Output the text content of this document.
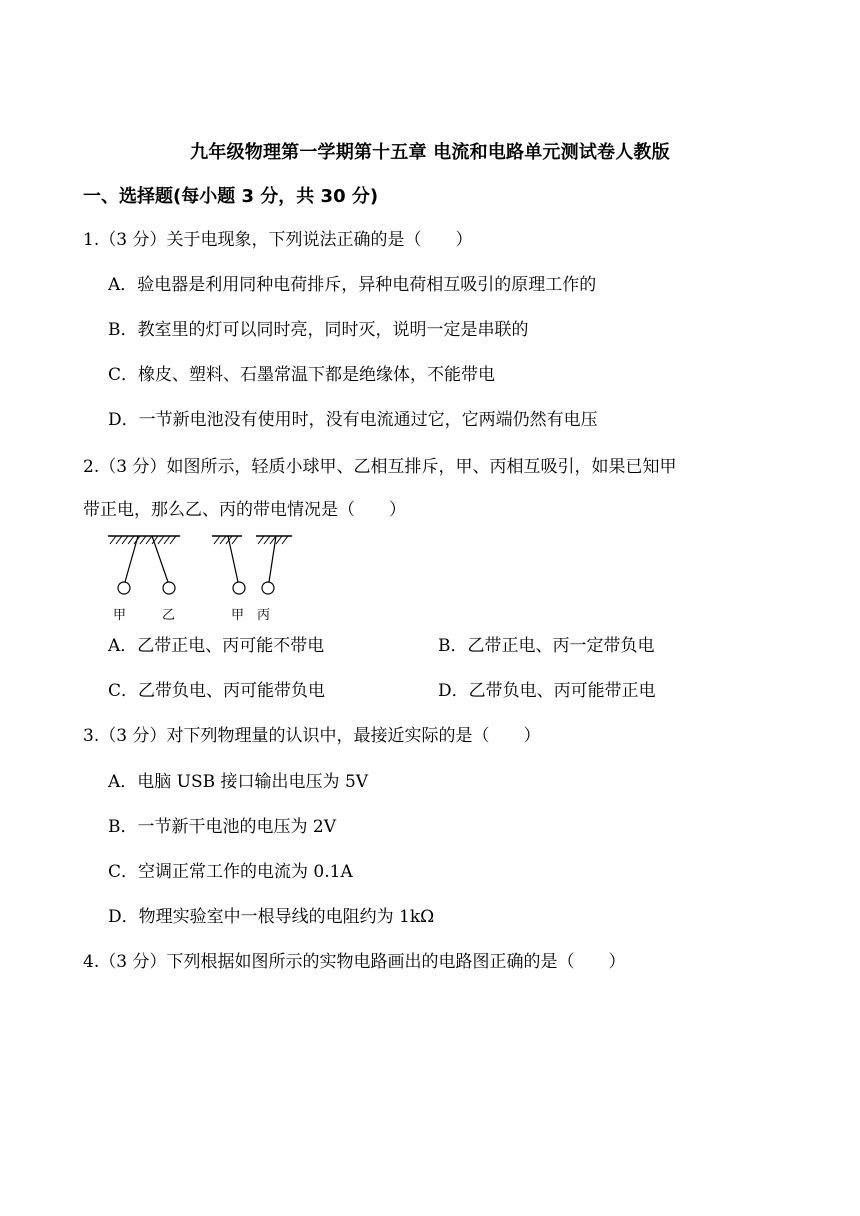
九年级物理第一学期第十五章 电流和电路单元测试卷人教版
一、选择题(每小题 3 分，共 30 分)
1.（3 分）关于电现象，下列说法正确的是（　　）
A．验电器是利用同种电荷排斥，异种电荷相互吸引的原理工作的
B．教室里的灯可以同时亮，同时灭，说明一定是串联的
C．橡皮、塑料、石墨常温下都是绝缘体，不能带电
D．一节新电池没有使用时，没有电流通过它，它两端仍然有电压
2.（3 分）如图所示，轻质小球甲、乙相互排斥，甲、丙相互吸引，如果已知甲
带正电，那么乙、丙的带电情况是（　　）
甲	乙	甲 丙
A．乙带正电、丙可能不带电	B．乙带正电、丙一定带负电
C．乙带负电、丙可能带负电	D．乙带负电、丙可能带正电
3.（3 分）对下列物理量的认识中，最接近实际的是（　　）
A．电脑 USB 接口输出电压为 5V
B．一节新干电池的电压为 2V
C．空调正常工作的电流为 0.1A
D．物理实验室中一根导线的电阻约为 1kΩ
4.（3 分）下列根据如图所示的实物电路画出的电路图正确的是（　　）
